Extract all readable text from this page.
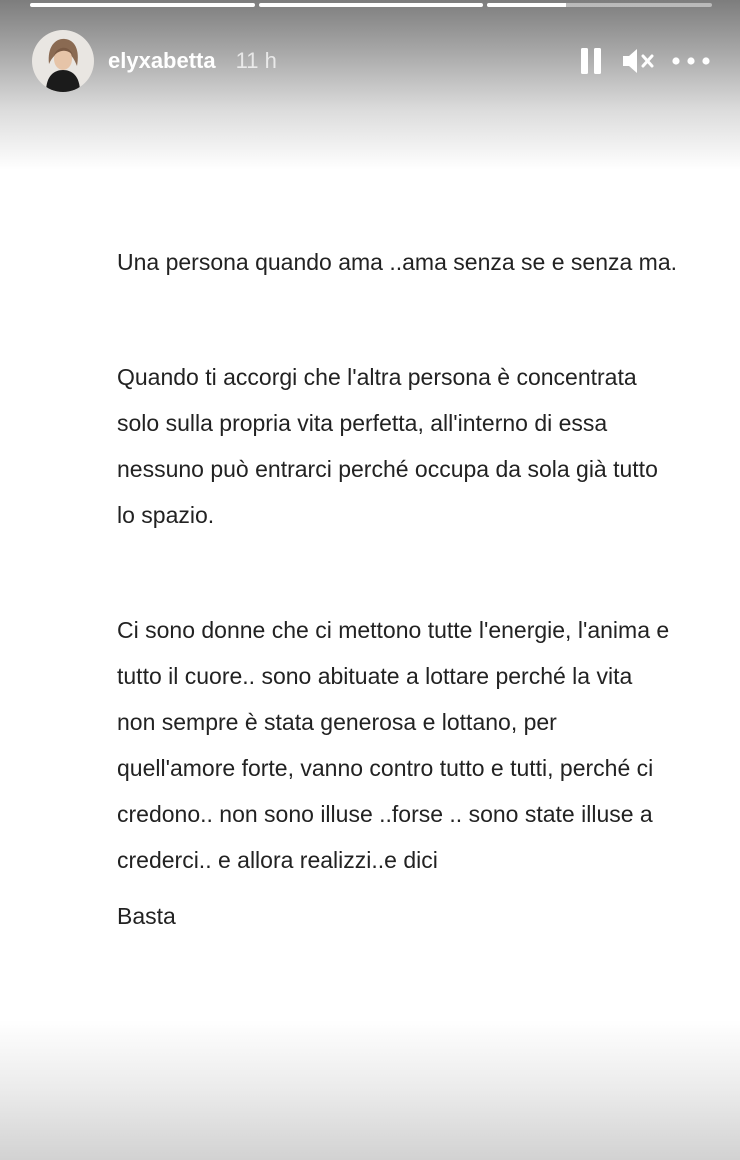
elyxabetta 11 h

Una persona quando ama ..ama senza se e senza ma.

Quando ti accorgi che l'altra persona è concentrata solo sulla propria vita perfetta, all'interno di essa nessuno può entrarci perché occupa da sola già tutto lo spazio.

Ci sono donne che ci mettono tutte l'energie, l'anima e tutto il cuore.. sono abituate a lottare perché la vita non sempre è stata generosa e lottano, per quell'amore forte, vanno contro tutto e tutti, perché ci credono.. non sono illuse ..forse .. sono state illuse a crederci.. e allora realizzi..e dici

Basta
